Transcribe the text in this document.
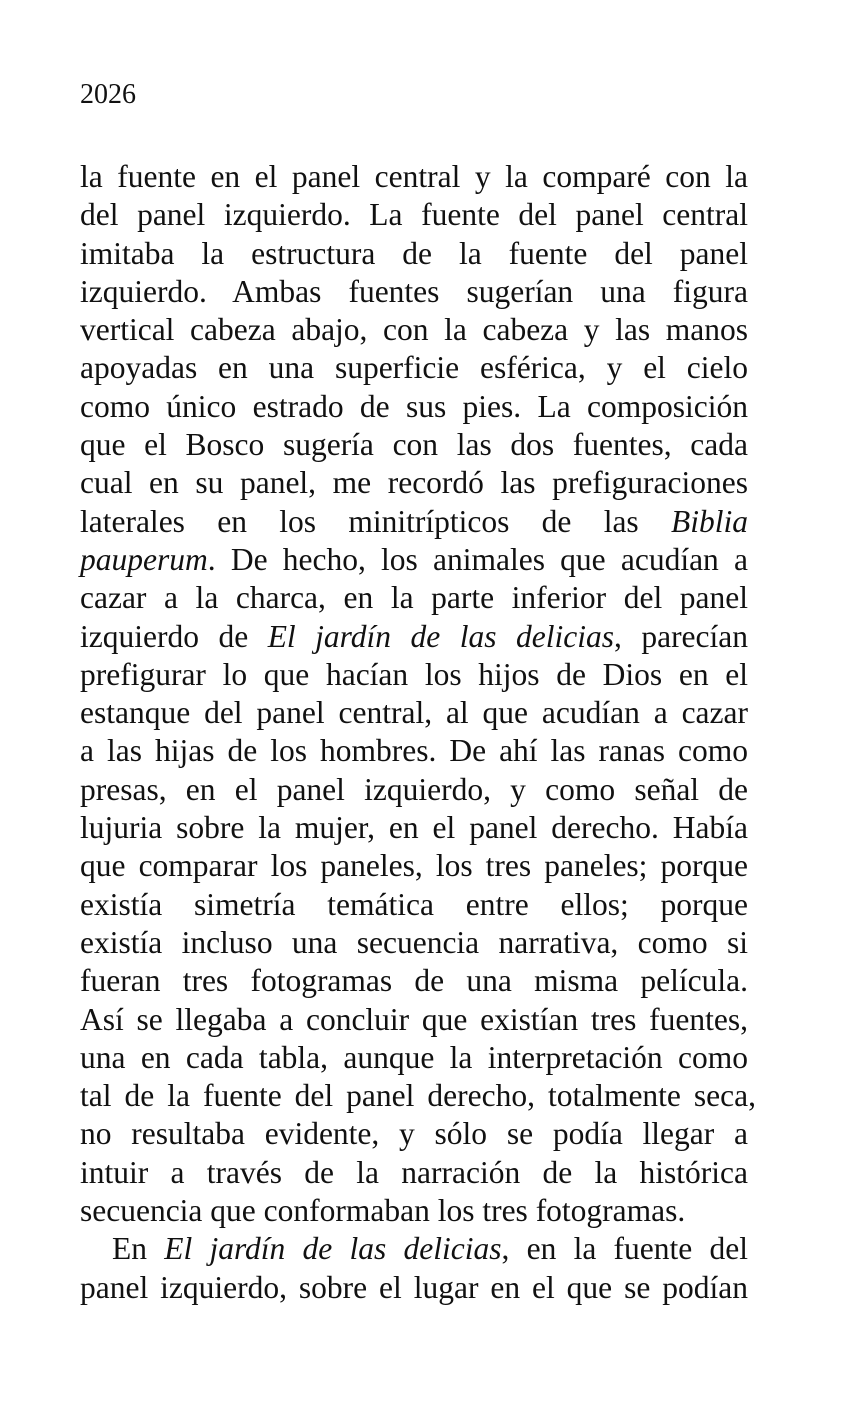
2026

la fuente en el panel central y la comparé con la
del panel izquierdo. La fuente del panel central
imitaba la estructura de la fuente del panel
izquierdo. Ambas fuentes sugerían una figura
vertical cabeza abajo, con la cabeza y las manos
apoyadas en una superficie esférica, y el cielo
como único estrado de sus pies. La composición
que el Bosco sugería con las dos fuentes, cada
cual en su panel, me recordó las prefiguraciones
laterales en los minitrípticos de las Biblia
pauperum. De hecho, los animales que acudían a
cazar a la charca, en la parte inferior del panel
izquierdo de El jardín de las delicias, parecían
prefigurar lo que hacían los hijos de Dios en el
estanque del panel central, al que acudían a cazar
a las hijas de los hombres. De ahí las ranas como
presas, en el panel izquierdo, y como señal de
lujuria sobre la mujer, en el panel derecho. Había
que comparar los paneles, los tres paneles; porque
existía simetría temática entre ellos; porque
existía incluso una secuencia narrativa, como si
fueran tres fotogramas de una misma película.
Así se llegaba a concluir que existían tres fuentes,
una en cada tabla, aunque la interpretación como
tal de la fuente del panel derecho, totalmente seca,
no resultaba evidente, y sólo se podía llegar a
intuir a través de la narración de la histórica
secuencia que conformaban los tres fotogramas.
En El jardín de las delicias, en la fuente del
panel izquierdo, sobre el lugar en el que se podían
